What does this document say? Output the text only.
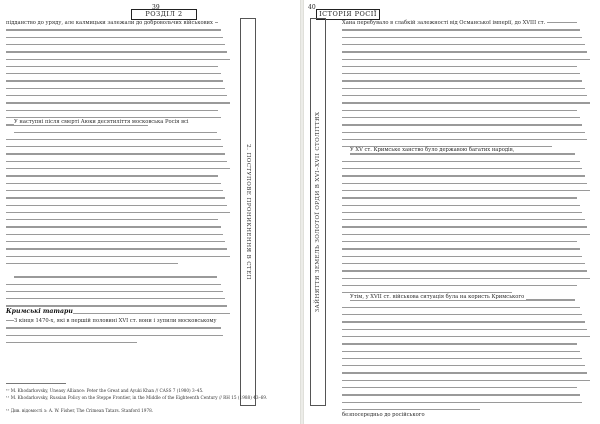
39
РОЗДІЛ 2
2. ПОСТУПОВЕ ПРОНИКНЕННЯ В СТЕП
підданство до уряду, але калмицьки залежали до добровольчих військових
У наступні після смерті Аюки десятиліття московська Росія всі
Кримські татари
З кінця 1470-х, які в першій половині XVI ст. вони і зупили московському
¹⁰ M. Khodarkovsky, Uneasy Alliance: Peter the Great and Ayuki Khan // CASS 7 (1980) 3–45.
¹¹ M. Khodarkovsky, Russian Policy on the Steppe Frontier, in the Middle of the Eighteenth Century // RH 15 (1988) 43–69.
¹² Див. відомості з: A. W. Fisher, The Crimean Tatars. Stanford 1978.
40
ІСТОРІЯ РОСІЇ
ЗАЙНЯТТЯ ЗЕМЕЛЬ ЗОЛОТОЇ ОРДИ В XVI–XVII СТОЛІТТЯХ
Хана перебувало в слабкій залежності від Османської імперії, до XVIII ст.
У XV ст. Кримське ханство було державою багатих народів,
Утім, у XVII ст. військова ситуація була на користь Кримського
безпосередньо до російського
